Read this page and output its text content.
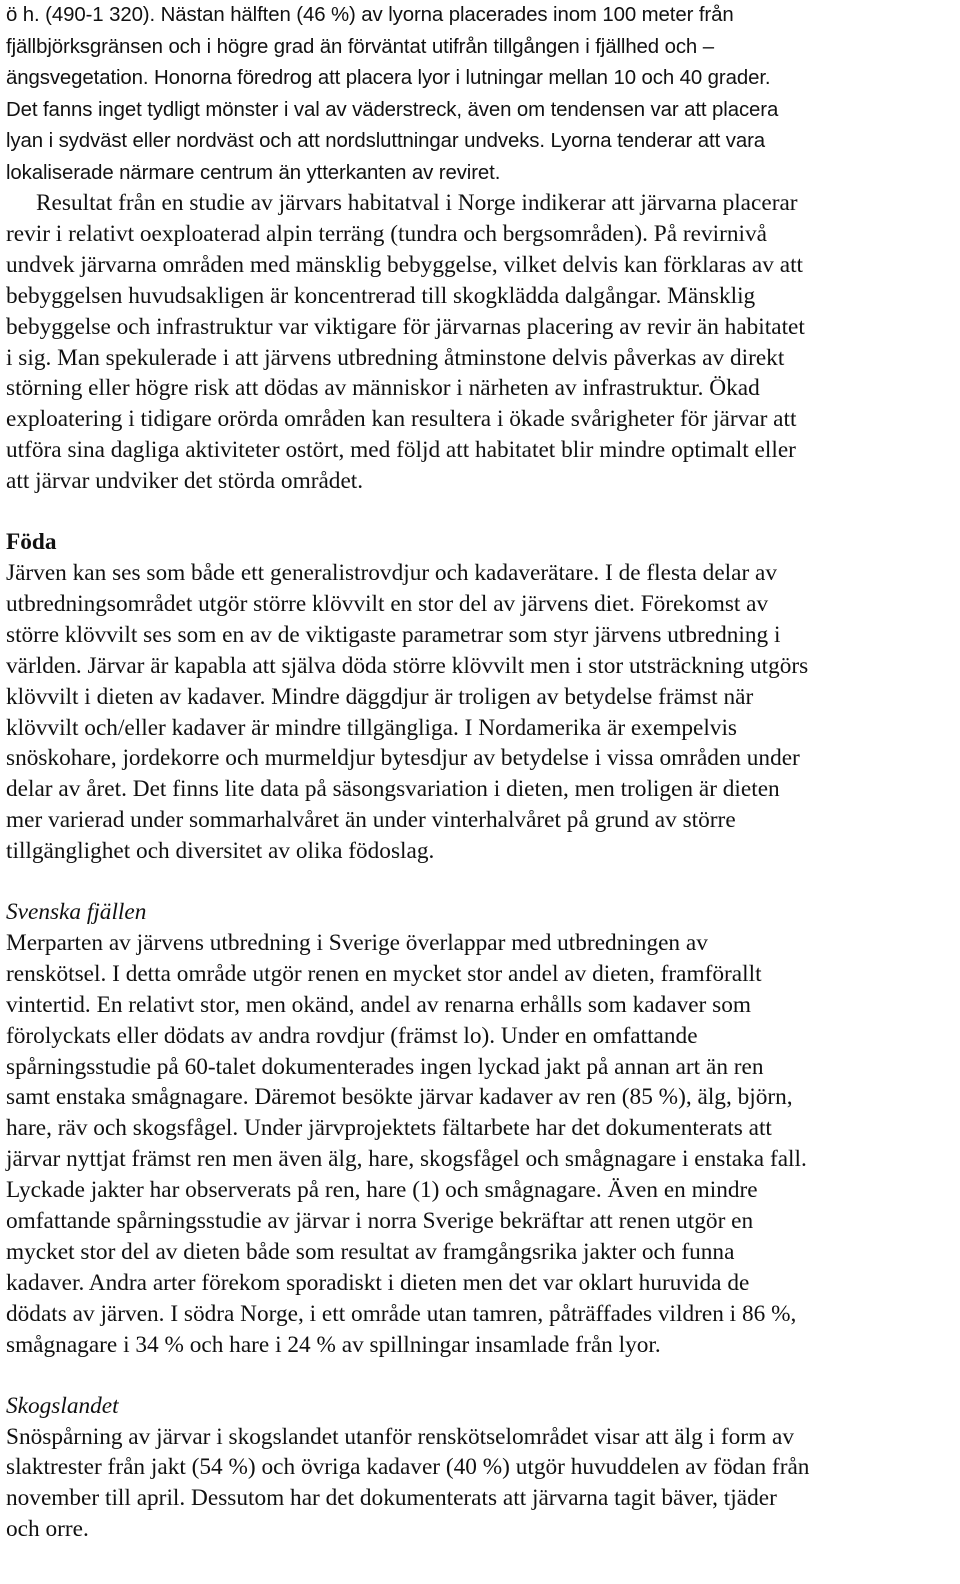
ö h. (490-1 320). Nästan hälften (46 %) av lyorna placerades inom 100 meter från
fjällbjörksgränsen och i högre grad än förväntat utifrån tillgången i fjällhed och –
ängsvegetation. Honorna föredrog att placera lyor i lutningar mellan 10 och 40 grader.
Det fanns inget tydligt mönster i val av väderstreck, även om tendensen var att placera
lyan i sydväst eller nordväst och att nordsluttningar undveks. Lyorna tenderar att vara
lokaliserade närmare centrum än ytterkanten av reviret.
Resultat från en studie av järvars habitatval i Norge indikerar att järvarna placerar
revir i relativt oexploaterad alpin terräng (tundra och bergsområden). På revirnivå
undvek järvarna områden med mänsklig bebyggelse, vilket delvis kan förklaras av att
bebyggelsen huvudsakligen är koncentrerad till skogklädda dalgångar. Mänsklig
bebyggelse och infrastruktur var viktigare för järvarnas placering av revir än habitatet
i sig. Man spekulerade i att järvens utbredning åtminstone delvis påverkas av direkt
störning eller högre risk att dödas av människor i närheten av infrastruktur. Ökad
exploatering i tidigare orörda områden kan resultera i ökade svårigheter för järvar att
utföra sina dagliga aktiviteter ostört, med följd att habitatet blir mindre optimalt eller
att järvar undviker det störda området.
Föda
Järven kan ses som både ett generalistrovdjur och kadaverätare. I de flesta delar av
utbredningsområdet utgör större klövvilt en stor del av järvens diet. Förekomst av
större klövvilt ses som en av de viktigaste parametrar som styr järvens utbredning i
världen. Järvar är kapabla att själva döda större klövvilt men i stor utsträckning utgörs
klövvilt i dieten av kadaver. Mindre däggdjur är troligen av betydelse främst när
klövvilt och/eller kadaver är mindre tillgängliga. I Nordamerika är exempelvis
snöskohare, jordekorre och murmeldjur bytesdjur av betydelse i vissa områden under
delar av året. Det finns lite data på säsongsvariation i dieten, men troligen är dieten
mer varierad under sommarhalvåret än under vinterhalvåret på grund av större
tillgänglighet och diversitet av olika födoslag.
Svenska fjällen
Merparten av järvens utbredning i Sverige överlappar med utbredningen av
renskötsel. I detta område utgör renen en mycket stor andel av dieten, framförallt
vintertid. En relativt stor, men okänd, andel av renarna erhålls som kadaver som
förolyckats eller dödats av andra rovdjur (främst lo). Under en omfattande
spårningsstudie på 60-talet dokumenterades ingen lyckad jakt på annan art än ren
samt enstaka smågnagare. Däremot besökte järvar kadaver av ren (85 %), älg, björn,
hare, räv och skogsfågel. Under järvprojektets fältarbete har det dokumenterats att
järvar nyttjat främst ren men även älg, hare, skogsfågel och smågnagare i enstaka fall.
Lyckade jakter har observerats på ren, hare (1) och smågnagare. Även en mindre
omfattande spårningsstudie av järvar i norra Sverige bekräftar att renen utgör en
mycket stor del av dieten både som resultat av framgångsrika jakter och funna
kadaver. Andra arter förekom sporadiskt i dieten men det var oklart huruvida de
dödats av järven. I södra Norge, i ett område utan tamren, påträffades vildren i 86 %,
smågnagare i 34 % och hare i 24 % av spillningar insamlade från lyor.
Skogslandet
Snöspårning av järvar i skogslandet utanför renskötselområdet visar att älg i form av
slaktrester från jakt (54 %) och övriga kadaver (40 %) utgör huvuddelen av födan från
november till april. Dessutom har det dokumenterats att järvarna tagit bäver, tjäder
och orre.
